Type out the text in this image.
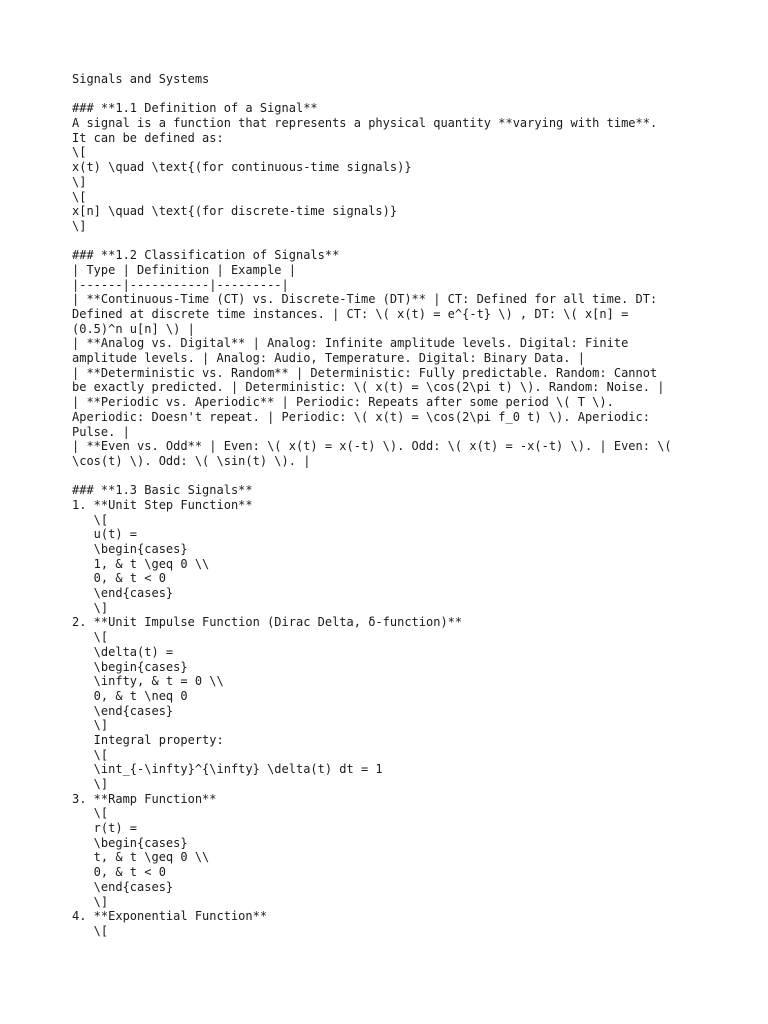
Signals and Systems
### **1.1 Definition of a Signal**
A signal is a function that represents a physical quantity **varying with time**.
It can be defined as:
\[
x(t) \quad \text{(for continuous-time signals)}
\]
\[
x[n] \quad \text{(for discrete-time signals)}
\]
### **1.2 Classification of Signals**
| Type | Definition | Example |
|------|-----------|---------|
| **Continuous-Time (CT) vs. Discrete-Time (DT)** | CT: Defined for all time. DT:
Defined at discrete time instances. | CT: \( x(t) = e^{-t} \) , DT: \( x[n] =
(0.5)^n u[n] \) |
| **Analog vs. Digital** | Analog: Infinite amplitude levels. Digital: Finite
amplitude levels. | Analog: Audio, Temperature. Digital: Binary Data. |
| **Deterministic vs. Random** | Deterministic: Fully predictable. Random: Cannot
be exactly predicted. | Deterministic: \( x(t) = \cos(2\pi t) \). Random: Noise. |
| **Periodic vs. Aperiodic** | Periodic: Repeats after some period \( T \).
Aperiodic: Doesn't repeat. | Periodic: \( x(t) = \cos(2\pi f_0 t) \). Aperiodic:
Pulse. |
| **Even vs. Odd** | Even: \( x(t) = x(-t) \). Odd: \( x(t) = -x(-t) \). | Even: \(
\cos(t) \). Odd: \( \sin(t) \). |
### **1.3 Basic Signals**
1. **Unit Step Function**
\[
u(t) =
\begin{cases}
1, & t \geq 0 \\
0, & t < 0
\end{cases}
\]
2. **Unit Impulse Function (Dirac Delta, δ-function)**
\[
\delta(t) =
\begin{cases}
\infty, & t = 0 \\
0, & t \neq 0
\end{cases}
\]
Integral property:
\[
\int_{-\infty}^{\infty} \delta(t) dt = 1
\]
3. **Ramp Function**
\[
r(t) =
\begin{cases}
t, & t \geq 0 \\
0, & t < 0
\end{cases}
\]
4. **Exponential Function**
\[
